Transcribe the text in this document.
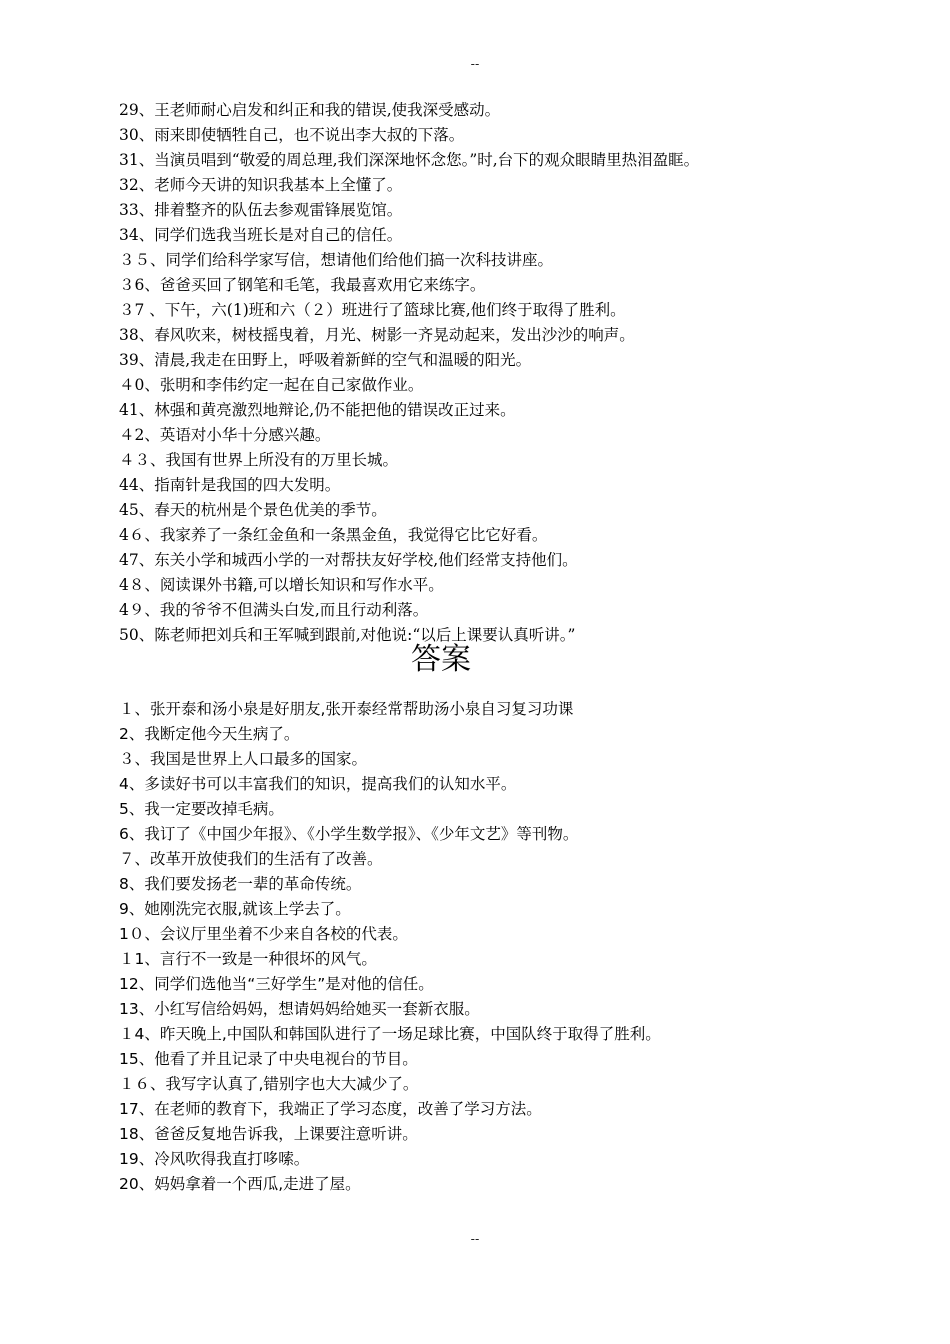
--
29、王老师耐心启发和纠正和我的错误,使我深受感动。
30、雨来即使牺牲自己，也不说出李大叔的下落。
31、当演员唱到“敬爱的周总理,我们深深地怀念您。”时,台下的观众眼睛里热泪盈眶。
32、老师今天讲的知识我基本上全懂了。
33、排着整齐的队伍去参观雷锋展览馆。
34、同学们选我当班长是对自己的信任。
３５、同学们给科学家写信，想请他们给他们搞一次科技讲座。
３6、爸爸买回了钢笔和毛笔，我最喜欢用它来练字。
３7 、下午，六(1)班和六（２）班进行了篮球比赛,他们终于取得了胜利。
38、春风吹来，树枝摇曳着，月光、树影一齐晃动起来，发出沙沙的响声。
39、清晨,我走在田野上，呼吸着新鲜的空气和温暖的阳光。
４0、张明和李伟约定一起在自己家做作业。
41、林强和黄亮激烈地辩论,仍不能把他的错误改正过来。
４2、英语对小华十分感兴趣。
４３、我国有世界上所没有的万里长城。
44、指南针是我国的四大发明。
45、春天的杭州是个景色优美的季节。
4６、我家养了一条红金鱼和一条黑金鱼，我觉得它比它好看。
47、东关小学和城西小学的一对帮扶友好学校,他们经常支持他们。
4８、阅读课外书籍,可以增长知识和写作水平。
4９、我的爷爷不但满头白发,而且行动利落。
50、陈老师把刘兵和王军喊到跟前,对他说:“以后上课要认真听讲。”
答案
１、张开泰和汤小泉是好朋友,张开泰经常帮助汤小泉自习复习功课
2、我断定他今天生病了。
３、我国是世界上人口最多的国家。
4、多读好书可以丰富我们的知识，提高我们的认知水平。
5、我一定要改掉毛病。
6、我订了《中国少年报》、《小学生数学报》、《少年文艺》等刊物。
７、改革开放使我们的生活有了改善。
8、我们要发扬老一辈的革命传统。
9、她刚洗完衣服,就该上学去了。
1０、会议厅里坐着不少来自各校的代表。
１1、言行不一致是一种很坏的风气。
12、同学们选他当“三好学生”是对他的信任。
13、小红写信给妈妈，想请妈妈给她买一套新衣服。
１4、昨天晚上,中国队和韩国队进行了一场足球比赛，中国队终于取得了胜利。
15、他看了并且记录了中央电视台的节目。
１６、我写字认真了,错别字也大大减少了。
17、在老师的教育下，我端正了学习态度，改善了学习方法。
18、爸爸反复地告诉我，上课要注意听讲。
19、冷风吹得我直打哆嗦。
20、妈妈拿着一个西瓜,走进了屋。
--
